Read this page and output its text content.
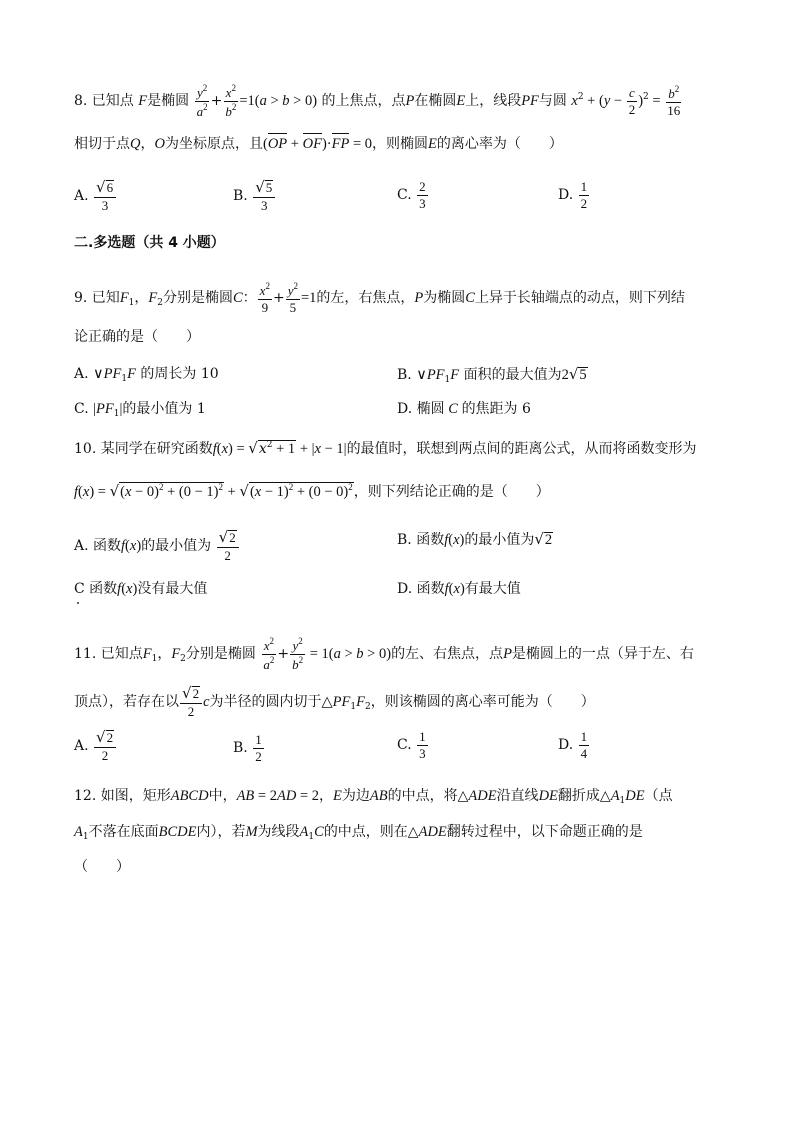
8. 已知点 F是椭圆 $\frac{y^2}{a^2} + \frac{x^2}{b^2} =1(a > b > 0)$ 的上焦点，点P在椭圆E上，线段PF与圆 $x^2 + (y - \frac{c}{2} )^2 = \frac{b^2}{16}$
相切于点Q，O为坐标原点，且(OP + OF)·FP = 0，则椭圆E的离心率为（　　）
A. $\frac{√6}{3}$	B. $\frac{√5}{3}$	C. $\frac{2}{3}$	D. $\frac{1}{2}$
二.多选题（共 4 小题）
9. 已知$F_1$，$F_2$分别是椭圆C： $\frac{x^2}{9} + \frac{y^2}{5} =1$的左，右焦点，P为椭圆C上异于长轴端点的动点，则下列结
论正确的是（　　）
A. $\vee PF_1F$ 的周长为 10	B. $\vee PF_1F$ 面积的最大值为2√5
C. $|PF_1|$的最小值为 1	D. 椭圆 C 的焦距为 6
10. 某同学在研究函数$f(x) = √x^2 + 1 + |x - 1|$的最值时，联想到两点间的距离公式，从而将函数变形为
$f(x) = √(x - 0)^2 + (0 - 1)^2 + √(x - 1)^2 + (0 - 0)^2$，则下列结论正确的是（　　）
A. 函数f(x)的最小值为 $\frac{√2}{2}$	B. 函数f(x)的最小值为√2
C 函数f(x)没有最大值	D. 函数f(x)有最大值
11. 已知点$F_1$，$F_2$分别是椭圆 $\frac{x^2}{a^2} + \frac{y^2}{b^2} = 1(a > b > 0)$的左、右焦点，点P是椭圆上的一点（异于左、右
顶点），若存在以 $\frac{√2}{2}$ c为半径的圆内切于$\triangle PF_1F_2$，则该椭圆的离心率可能为（　　）
A. $\frac{√2}{2}$	B. $\frac{1}{2}$	C. $\frac{1}{3}$	D. $\frac{1}{4}$
12. 如图，矩形ABCD中，AB = 2AD = 2，E为边AB的中点，将△ADE沿直线DE翻折成$\triangle A_1DE$（点
$A_1$不落在底面BCDE内），若M为线段$A_1C$的中点，则在△ADE翻转过程中，以下命题正确的是
（　　）
